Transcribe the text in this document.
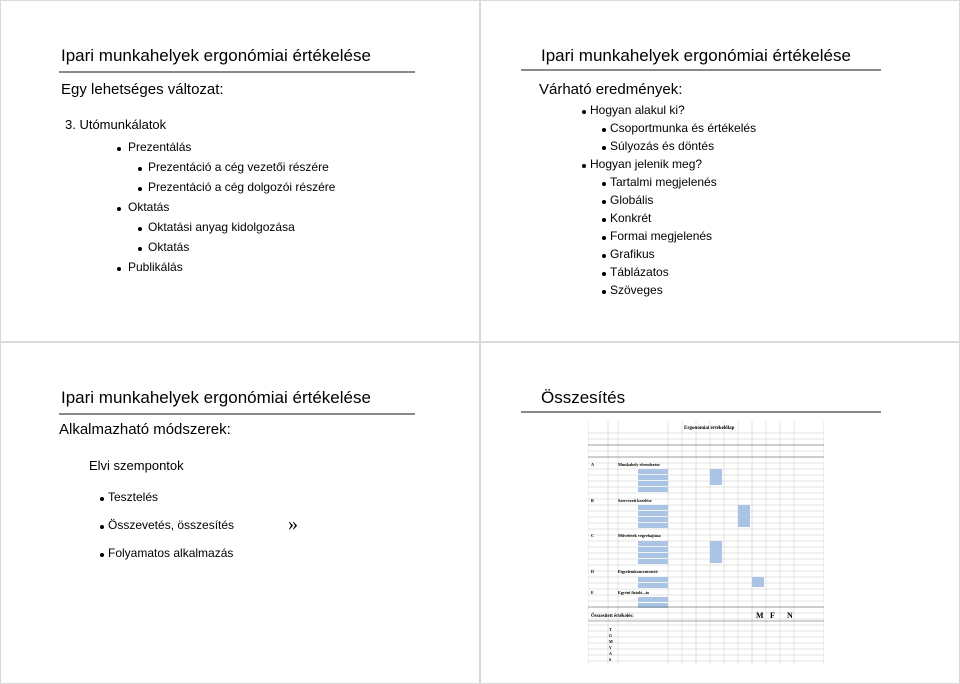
Ipari munkahelyek ergonómiai értékelése
Egy lehetséges változat:
3. Utómunkálatok
Prezentálás
Prezentáció a cég vezetői részére
Prezentáció a cég dolgozói részére
Oktatás
Oktatási anyag kidolgozása
Oktatás
Publikálás
Ipari munkahelyek ergonómiai értékelése
Várható eredmények:
Hogyan alakul ki?
Csoportmunka és értékelés
Súlyozás és döntés
Hogyan jelenik meg?
Tartalmi megjelenés
Globális
Konkrét
Formai megjelenés
Grafikus
Táblázatos
Szöveges
Ipari munkahelyek ergonómiai értékelése
Alkalmazható módszerek:
Elvi szempontok
Tesztelés
Összevetés, összesítés
Folyamatos alkalmazás
»
Összesítés
Ergonómiai értékelőlap
A	Munkahely elrendezése
B	Szervezeti kezelése
C	Műveletek végrehajtása
D	Figyelemkoncentráció
E	Egyéni fizioló...ás
Összesített értékelés:	M F N
T
G
M
V
A
S
